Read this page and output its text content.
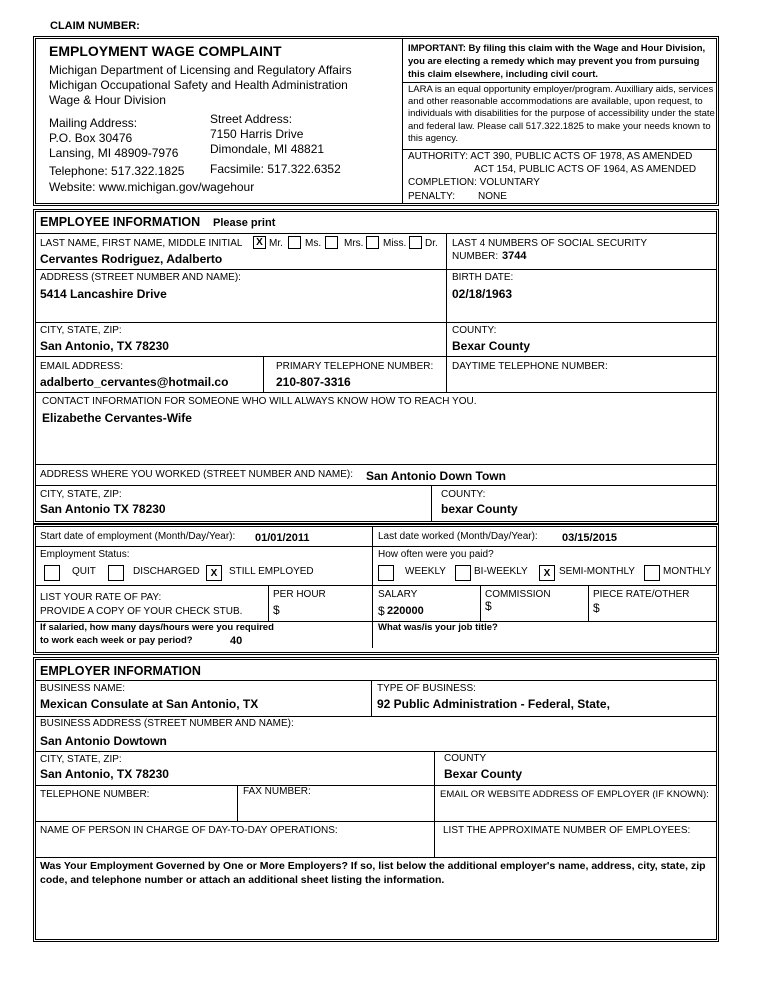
CLAIM NUMBER:
EMPLOYMENT WAGE COMPLAINT
Michigan Department of Licensing and Regulatory Affairs
Michigan Occupational Safety and Health Administration
Wage & Hour Division
Mailing Address:
P.O. Box 30476
Lansing, MI 48909-7976
Street Address:
7150 Harris Drive
Dimondale, MI 48821
Telephone: 517.322.1825 Facsimile: 517.322.6352
Website: www.michigan.gov/wagehour
IMPORTANT: By filing this claim with the Wage and Hour Division, you are electing a remedy which may prevent you from pursuing this claim elsewhere, including civil court.
LARA is an equal opportunity employer/program. Auxilliary aids, services and other reasonable accommodations are available, upon request, to individuals with disabilities for the purpose of accessibility under the state and federal law. Please call 517.322.1825 to make your needs known to this agency.
AUTHORITY: ACT 390, PUBLIC ACTS OF 1978, AS AMENDED
ACT 154, PUBLIC ACTS OF 1964, AS AMENDED
COMPLETION: VOLUNTARY
PENALTY: NONE
EMPLOYEE INFORMATION Please print
LAST NAME, FIRST NAME, MIDDLE INITIAL	X Mr. Ms. Mrs. Miss. Dr.
Cervantes Rodriguez, Adalberto
LAST 4 NUMBERS OF SOCIAL SECURITY
NUMBER: 3744
ADDRESS (STREET NUMBER AND NAME):
5414 Lancashire Drive
BIRTH DATE:
02/18/1963
CITY, STATE, ZIP:
San Antonio, TX 78230
COUNTY:
Bexar County
EMAIL ADDRESS:
adalberto_cervantes@hotmail.co
PRIMARY TELEPHONE NUMBER:
210-807-3316
DAYTIME TELEPHONE NUMBER:
CONTACT INFORMATION FOR SOMEONE WHO WILL ALWAYS KNOW HOW TO REACH YOU.
Elizabethe Cervantes-Wife
ADDRESS WHERE YOU WORKED (STREET NUMBER AND NAME): San Antonio Down Town
CITY, STATE, ZIP:
San Antonio TX 78230
COUNTY:
bexar County
Start date of employment (Month/Day/Year): 01/01/2011	Last date worked (Month/Day/Year): 03/15/2015
Employment Status:
QUIT	DISCHARGED	X	STILL EMPLOYED
How often were you paid?
WEEKLY	BI-WEEKLY	X SEMI-MONTHLY	MONTHLY
LIST YOUR RATE OF PAY:
PROVIDE A COPY OF YOUR CHECK STUB.
PER HOUR
$
SALARY
$ 220000
COMMISSION
$
PIECE RATE/OTHER
$
If salaried, how many days/hours were you required
to work each week or pay period?	40
What was/is your job title?
EMPLOYER INFORMATION
BUSINESS NAME:
Mexican Consulate at San Antonio, TX
TYPE OF BUSINESS:
92 Public Administration - Federal, State,
BUSINESS ADDRESS (STREET NUMBER AND NAME):
San Antonio Dowtown
CITY, STATE, ZIP:
San Antonio, TX 78230
COUNTY
Bexar County
TELEPHONE NUMBER:	FAX NUMBER:	EMAIL OR WEBSITE ADDRESS OF EMPLOYER (IF KNOWN):
NAME OF PERSON IN CHARGE OF DAY-TO-DAY OPERATIONS:	LIST THE APPROXIMATE NUMBER OF EMPLOYEES:
Was Your Employment Governed by One or More Employers? If so, list below the additional employer's name, address, city, state, zip code, and telephone number or attach an additional sheet listing the information.
